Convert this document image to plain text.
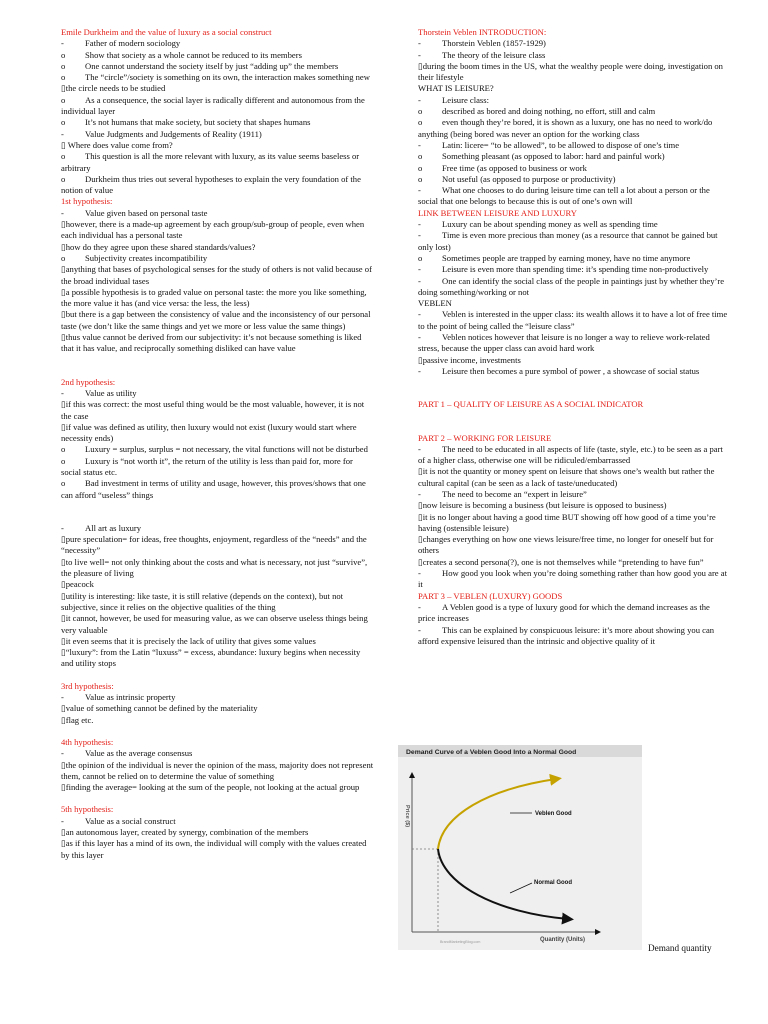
Emile Durkheim and the value of luxury as a social construct

- Father of modern sociology

o Show that society as a whole cannot be reduced to its members

o One cannot understand the society itself by just “adding up” the members

o The “circle”/society is something on its own, the interaction makes something new

▯the circle needs to be studied

o As a consequence, the social layer is radically different and autonomous from the individual layer

o It’s not humans that make society, but society that shapes humans

- Value Judgments and Judgements of Reality (1911)

▯ Where does value come from?

o This question is all the more relevant with luxury, as its value seems baseless or arbitrary

o Durkheim thus tries out several hypotheses to explain the very foundation of the notion of value

1st hypothesis:

- Value given based on personal taste

▯however, there is a made-up agreement by each group/sub-group of people, even when each individual has a personal taste

▯how do they agree upon these shared standards/values?

o Subjectivity creates incompatibility

▯anything that bases of psychological senses for the study of others is not valid because of the broad individual tases

▯a possible hypothesis is to graded value on personal taste: the more you like something, the more value it has (and vice versa: the less, the less)

▯but there is a gap between the consistency of value and the inconsistency of our personal taste (we don’t like the same things and yet we more or less value the same things)

▯thus value cannot be derived from our subjectivity: it’s not because something is liked that it has value, and reciprocally something disliked can have value

2nd hypothesis:

- Value as utility

▯if this was correct: the most useful thing would be the most valuable, however, it is not the case

▯if value was defined as utility, then luxury would not exist (luxury would start where necessity ends)

o Luxury = surplus, surplus = not necessary, the vital functions will not be disturbed

o Luxury is “not worth it”, the return of the utility is less than paid for, more for social status etc.

o Bad investment in terms of utility and usage, however, this proves/shows that one can afford “useless” things

- All art as luxury

▯pure speculation= for ideas, free thoughts, enjoyment, regardless of the “needs” and the “necessity”

▯to live well= not only thinking about the costs and what is necessary, not just “survive”, the pleasure of living

▯peacock

▯utility is interesting: like taste, it is still relative (depends on the context), but not subjective, since it relies on the objective qualities of the thing

▯it cannot, however, be used for measuring value, as we can observe useless things being very valuable

▯it even seems that it is precisely the lack of utility that gives some values

▯“luxury”: from the Latin “luxuss” = excess, abundance: luxury begins when necessity and utility stops

3rd hypothesis:

- Value as intrinsic property

▯value of something cannot be defined by the materiality

▯flag etc.

4th hypothesis:

- Value as the average consensus

▯the opinion of the individual is never the opinion of the mass, majority does not represent them, cannot be relied on to determine the value of something

▯finding the average= looking at the sum of the people, not looking at the actual group

5th hypothesis:

- Value as a social construct

▯an autonomous layer, created by synergy, combination of the members

▯as if this layer has a mind of its own, the individual will comply with the values created by this layer

Thorstein Veblen INTRODUCTION:

- Thorstein Veblen (1857-1929)

- The theory of the leisure class

▯during the boom times in the US, what the wealthy people were doing, investigation on their lifestyle

WHAT IS LEISURE?

- Leisure class:

o described as bored and doing nothing, no effort, still and calm

o even though they’re bored, it is shown as a luxury, one has no need to work/do anything (being bored was never an option for the working class

- Latin: licere= “to be allowed”, to be allowed to dispose of one’s time

o Something pleasant (as opposed to labor: hard and painful work)

o Free time (as opposed to business or work

o Not useful (as opposed to purpose or productivity)

- What one chooses to do during leisure time can tell a lot about a person or the social that one belongs to because this is out of one’s own will

LINK BETWEEN LEISURE AND LUXURY

- Luxury can be about spending money as well as spending time

- Time is even more precious than money (as a resource that cannot be gained but only lost)

o Sometimes people are trapped by earning money, have no time anymore

- Leisure is even more than spending time: it’s spending time non-productively

- One can identify the social class of the people in paintings just by whether they’re doing something/working or not

VEBLEN

- Veblen is interested in the upper class: its wealth allows it to have a lot of free time to the point of being called the “leisure class”

- Veblen notices however that leisure is no longer a way to relieve work-related stress, because the upper class can avoid hard work

▯passive income, investments

- Leisure then becomes a pure symbol of power , a showcase of social status

PART 1 – QUALITY OF LEISURE AS A SOCIAL INDICATOR

PART 2 – WORKING FOR LEISURE

- The need to be educated in all aspects of life (taste, style, etc.) to be seen as a part of a higher class, otherwise one will be ridiculed/embarrassed

▯it is not the quantity or money spent on leisure that shows one’s wealth but rather the cultural capital (can be seen as a lack of taste/uneducated)

- The need to become an “expert in leisure”

▯now leisure is becoming a business (but leisure is opposed to business)

▯it is no longer about having a good time BUT showing off how good of a time you’re having (ostensible leisure)

▯changes everything on how one views leisure/free time, no longer for oneself but for others

▯creates a second persona(?), one is not themselves while “pretending to have fun”

- How good you look when you’re doing something rather than how good you are at it

PART 3 – VEBLEN (LUXURY) GOODS

- A Veblen good is a type of luxury good for which the demand increases as the price increases

- This can be explained by conspicuous leisure: it’s more about showing you can afford expensive leisured than the intrinsic and objective quality of it

Demand Curve of a Veblen Good Into a Normal Good
Price ($)
Quantity (Units)
Veblen Good
Normal Good
BrandMarketingBlog.com
Demand quantity
